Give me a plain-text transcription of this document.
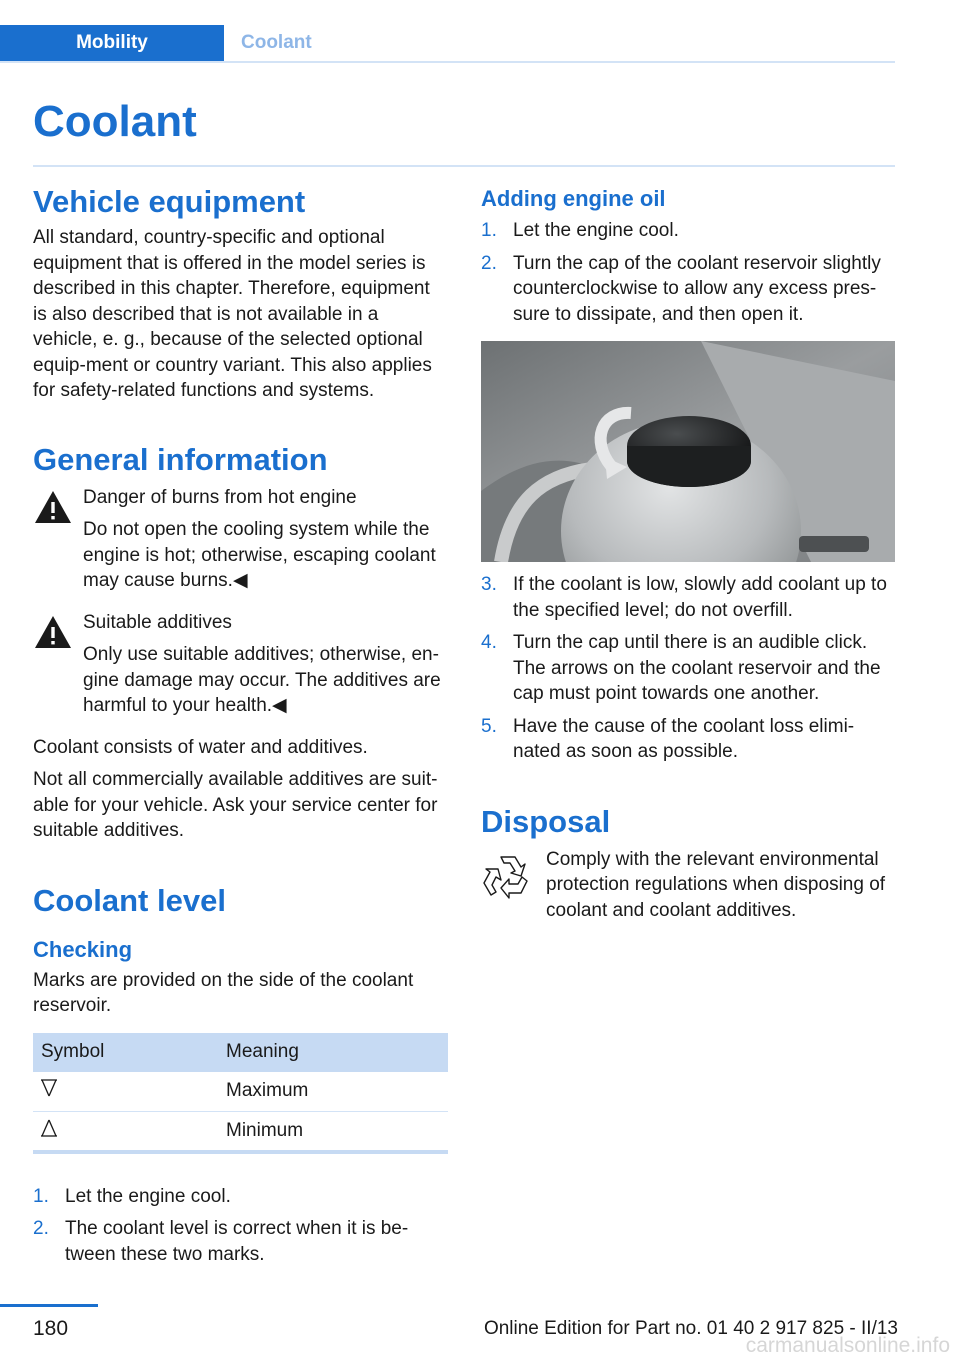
Mobility	Coolant
Coolant
Vehicle equipment

All standard, country-specific and optional equipment that is offered in the model series is described in this chapter. Therefore, equipment is also described that is not available in a vehicle, e. g., because of the selected optional equip-ment or country variant. This also applies for safety-related functions and systems.

General information

Danger of burns from hot engine

Do not open the cooling system while the engine is hot; otherwise, escaping coolant may cause burns.◀

Suitable additives

Only use suitable additives; otherwise, en-gine damage may occur. The additives are harmful to your health.◀

Coolant consists of water and additives.

Not all commercially available additives are suit-able for your vehicle. Ask your service center for suitable additives.

Coolant level
Checking

Marks are provided on the side of the coolant reservoir.

Symbol	Meaning
	Maximum
	Minimum
1. Let the engine cool.
2. The coolant level is correct when it is be-tween these two marks.
Adding engine oil
1. Let the engine cool.
2. Turn the cap of the coolant reservoir slightly counterclockwise to allow any excess pres-sure to dissipate, and then open it.
3. If the coolant is low, slowly add coolant up to the specified level; do not overfill.
4. Turn the cap until there is an audible click. The arrows on the coolant reservoir and the cap must point towards one another.
5. Have the cause of the coolant loss elimi-nated as soon as possible.
Disposal

Comply with the relevant environmental protection regulations when disposing of coolant and coolant additives.

180	Online Edition for Part no. 01 40 2 917 825 - II/13
carmanualsonline.info
